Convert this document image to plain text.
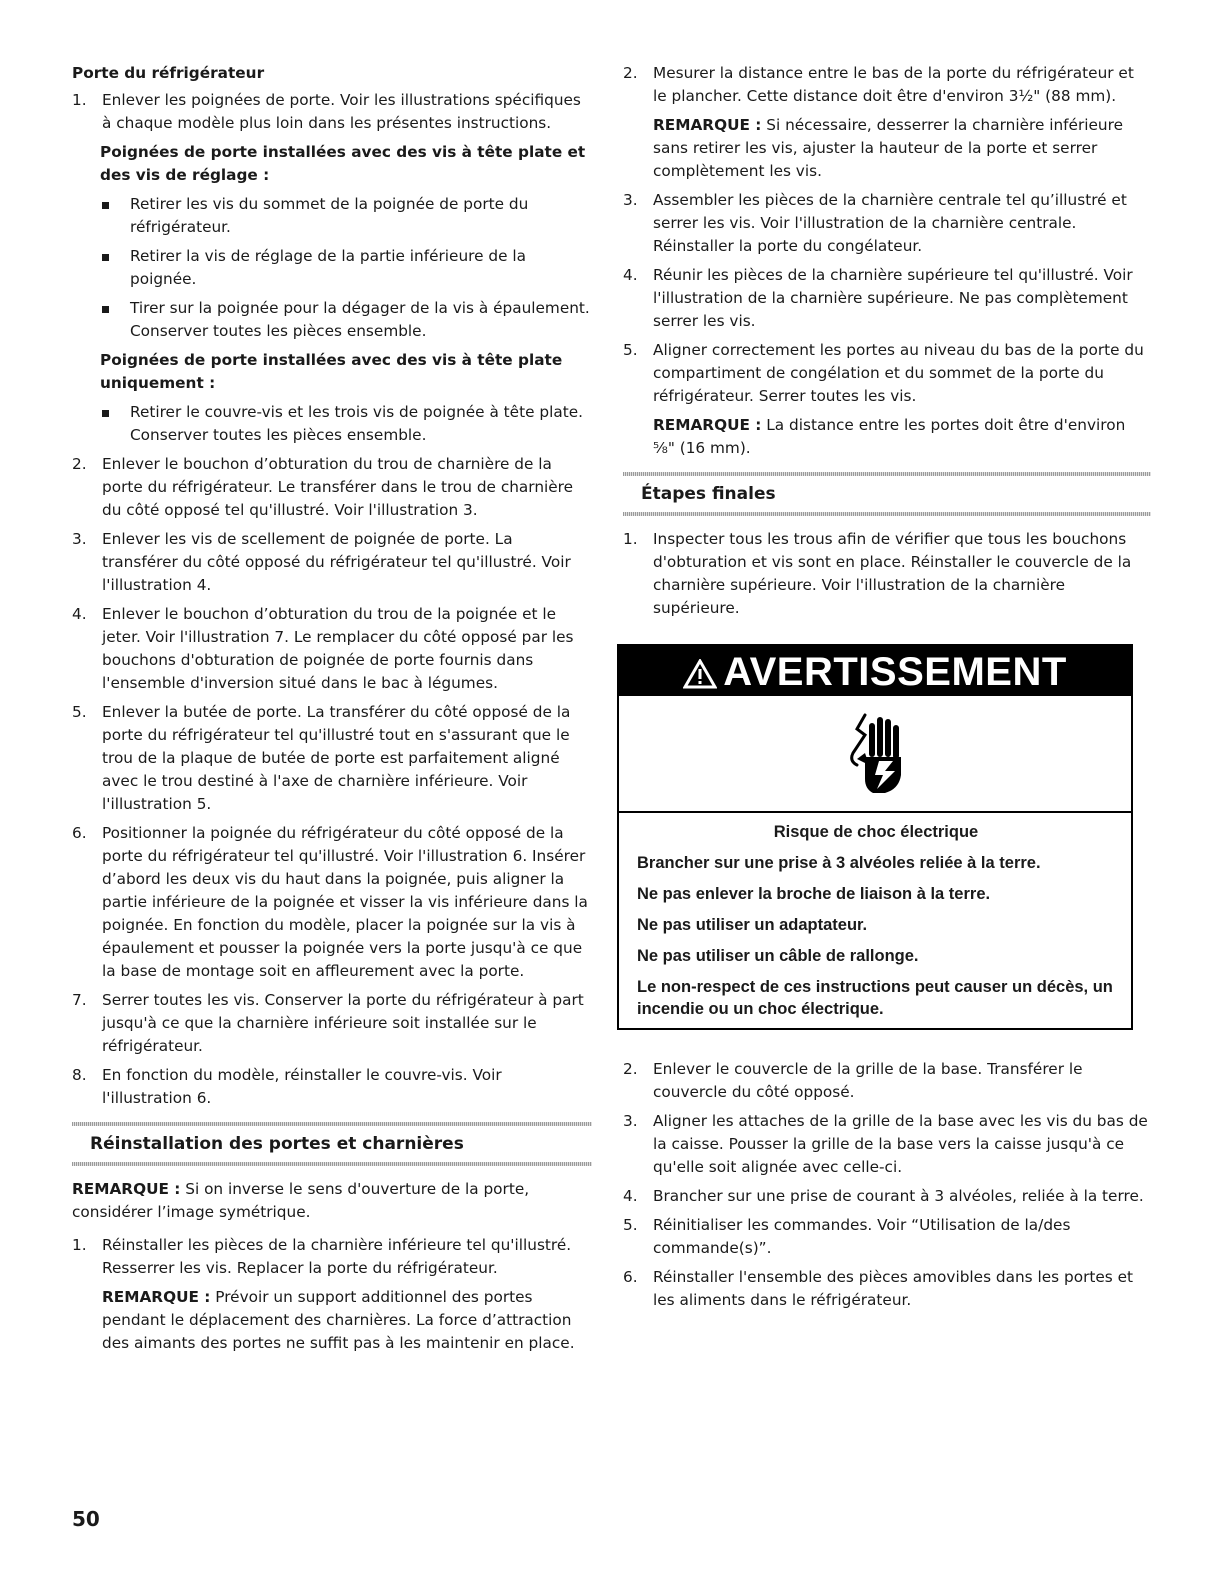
Porte du réfrigérateur
1.	Enlever les poignées de porte. Voir les illustrations spécifiques à chaque modèle plus loin dans les présentes instructions.

Poignées de porte installées avec des vis à tête plate et des vis de réglage :

Retirer les vis du sommet de la poignée de porte du réfrigérateur.

Retirer la vis de réglage de la partie inférieure de la poignée.

Tirer sur la poignée pour la dégager de la vis à épaulement. Conserver toutes les pièces ensemble.

Poignées de porte installées avec des vis à tête plate uniquement :

Retirer le couvre-vis et les trois vis de poignée à tête plate. Conserver toutes les pièces ensemble.

2.	Enlever le bouchon d’obturation du trou de charnière de la porte du réfrigérateur. Le transférer dans le trou de charnière du côté opposé tel qu'illustré. Voir l'illustration 3.

3.	Enlever les vis de scellement de poignée de porte. La transférer du côté opposé du réfrigérateur tel qu'illustré. Voir l'illustration 4.

4.	Enlever le bouchon d’obturation du trou de la poignée et le jeter. Voir l'illustration 7. Le remplacer du côté opposé par les bouchons d'obturation de poignée de porte fournis dans l'ensemble d'inversion situé dans le bac à légumes.

5.	Enlever la butée de porte. La transférer du côté opposé de la porte du réfrigérateur tel qu'illustré tout en s'assurant que le trou de la plaque de butée de porte est parfaitement aligné avec le trou destiné à l'axe de charnière inférieure. Voir l'illustration 5.

6.	Positionner la poignée du réfrigérateur du côté opposé de la porte du réfrigérateur tel qu'illustré. Voir l'illustration 6. Insérer d’abord les deux vis du haut dans la poignée, puis aligner la partie inférieure de la poignée et visser la vis inférieure dans la poignée. En fonction du modèle, placer la poignée sur la vis à épaulement et pousser la poignée vers la porte jusqu'à ce que la base de montage soit en affleurement avec la porte.

7.	Serrer toutes les vis. Conserver la porte du réfrigérateur à part jusqu'à ce que la charnière inférieure soit installée sur le réfrigérateur.

8.	En fonction du modèle, réinstaller le couvre-vis. Voir l'illustration 6.

Réinstallation des portes et charnières

REMARQUE : Si on inverse le sens d'ouverture de la porte, considérer l’image symétrique.

1.	Réinstaller les pièces de la charnière inférieure tel qu'illustré. Resserrer les vis. Replacer la porte du réfrigérateur.

REMARQUE : Prévoir un support additionnel des portes pendant le déplacement des charnières. La force d’attraction des aimants des portes ne suffit pas à les maintenir en place.

2.	Mesurer la distance entre le bas de la porte du réfrigérateur et le plancher. Cette distance doit être d'environ 3½" (88 mm).

REMARQUE : Si nécessaire, desserrer la charnière inférieure sans retirer les vis, ajuster la hauteur de la porte et serrer complètement les vis.

3.	Assembler les pièces de la charnière centrale tel qu’illustré et serrer les vis. Voir l'illustration de la charnière centrale. Réinstaller la porte du congélateur.

4.	Réunir les pièces de la charnière supérieure tel qu'illustré. Voir l'illustration de la charnière supérieure. Ne pas complètement serrer les vis.

5.	Aligner correctement les portes au niveau du bas de la porte du compartiment de congélation et du sommet de la porte du réfrigérateur. Serrer toutes les vis.

REMARQUE : La distance entre les portes doit être d'environ ⅝" (16 mm).

Étapes finales
1.	Inspecter tous les trous afin de vérifier que tous les bouchons d'obturation et vis sont en place. Réinstaller le couvercle de la charnière supérieure. Voir l'illustration de la charnière supérieure.

AVERTISSEMENT
Risque de choc électrique
Brancher sur une prise à 3 alvéoles reliée à la terre.
Ne pas enlever la broche de liaison à la terre.
Ne pas utiliser un adaptateur.
Ne pas utiliser un câble de rallonge.
Le non-respect de ces instructions peut causer un décès, un incendie ou un choc électrique.
2.	Enlever le couvercle de la grille de la base. Transférer le couvercle du côté opposé.

3.	Aligner les attaches de la grille de la base avec les vis du bas de la caisse. Pousser la grille de la base vers la caisse jusqu'à ce qu'elle soit alignée avec celle-ci.

4.	Brancher sur une prise de courant à 3 alvéoles, reliée à la terre.

5.	Réinitialiser les commandes. Voir “Utilisation de la/des commande(s)”.

6.	Réinstaller l'ensemble des pièces amovibles dans les portes et les aliments dans le réfrigérateur.

50
